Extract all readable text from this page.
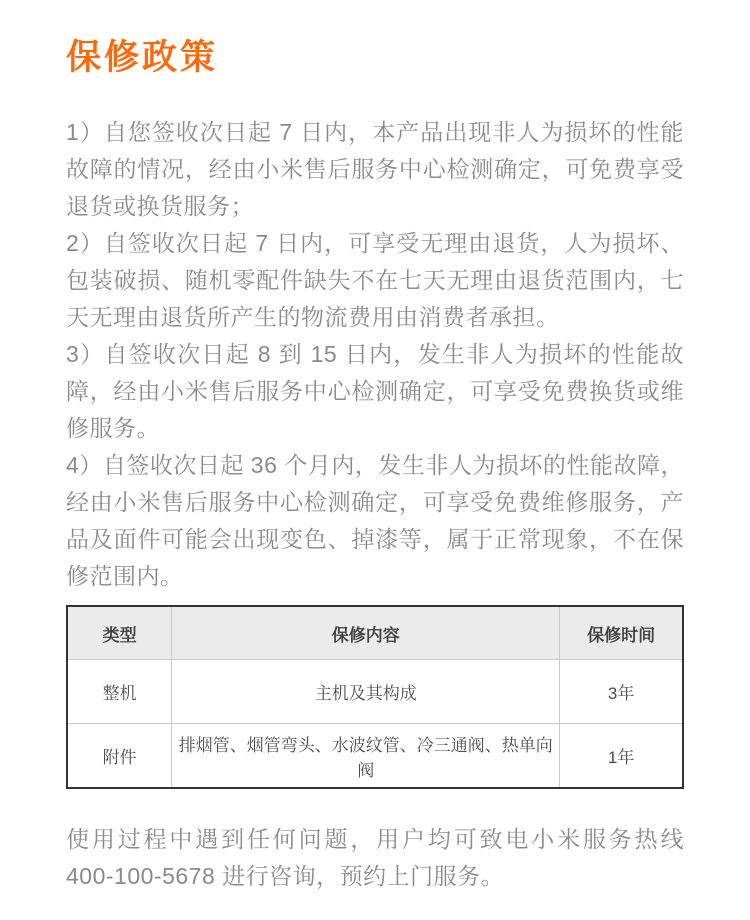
保修政策

1）自您签收次日起 7 日内，本产品出现非人为损坏的性能故障的情况，经由小米售后服务中心检测确定，可免费享受退货或换货服务；

2）自签收次日起 7 日内，可享受无理由退货，人为损坏、包装破损、随机零配件缺失不在七天无理由退货范围内，七天无理由退货所产生的物流费用由消费者承担。

3）自签收次日起 8 到 15 日内，发生非人为损坏的性能故障，经由小米售后服务中心检测确定，可享受免费换货或维修服务。

4）自签收次日起 36 个月内，发生非人为损坏的性能故障，经由小米售后服务中心检测确定，可享受免费维修服务，产品及面件可能会出现变色、掉漆等，属于正常现象，不在保修范围内。

类型	保修内容	保修时间
整机	主机及其构成	3年
附件	排烟管、烟管弯头、水波纹管、冷三通阀、热单向阀	1年

使用过程中遇到任何问题，用户均可致电小米服务热线 400-100-5678 进行咨询，预约上门服务。
